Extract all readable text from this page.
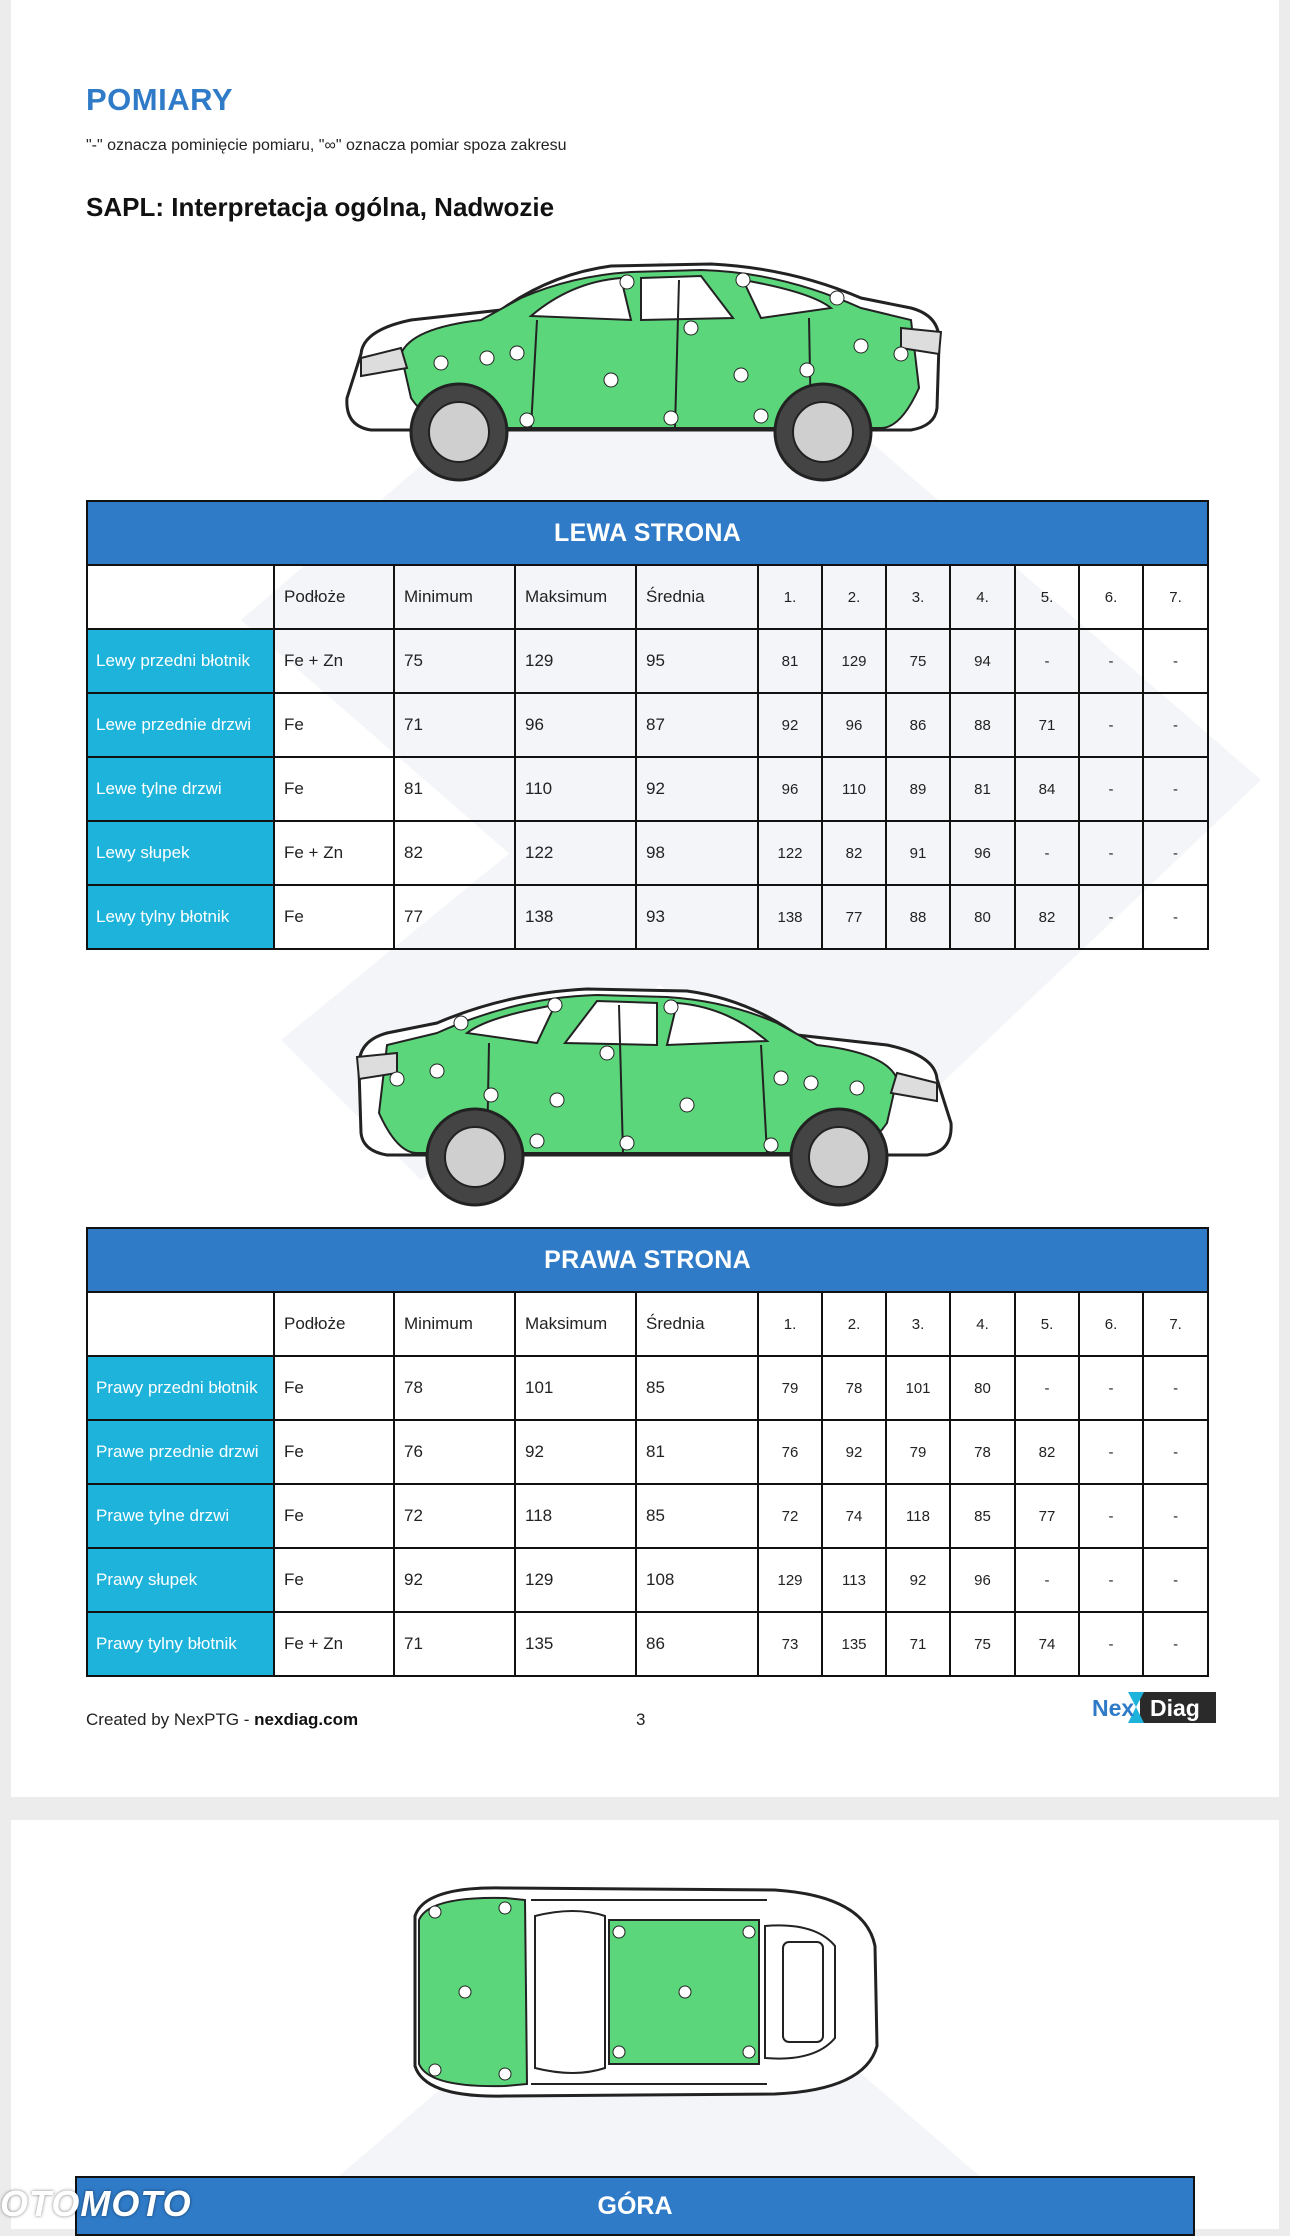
POMIARY
"-" oznacza pominięcie pomiaru, "∞" oznacza pomiar spoza zakresu
SAPL: Interpretacja ogólna, Nadwozie
LEWA STRONA											
	Podłoże	Minimum	Maksimum	Średnia	1.	2.	3.	4.	5.	6.	7.
Lewy przedni błotnik	Fe + Zn	75	129	95	81	129	75	94	-	-	-
Lewe przednie drzwi	Fe	71	96	87	92	96	86	88	71	-	-
Lewe tylne drzwi	Fe	81	110	92	96	110	89	81	84	-	-
Lewy słupek	Fe + Zn	82	122	98	122	82	91	96	-	-	-
Lewy tylny błotnik	Fe	77	138	93	138	77	88	80	82	-	-
PRAWA STRONA											
	Podłoże	Minimum	Maksimum	Średnia	1.	2.	3.	4.	5.	6.	7.
Prawy przedni błotnik	Fe	78	101	85	79	78	101	80	-	-	-
Prawe przednie drzwi	Fe	76	92	81	76	92	79	78	82	-	-
Prawe tylne drzwi	Fe	72	118	85	72	74	118	85	77	-	-
Prawy słupek	Fe	92	129	108	129	113	92	96	-	-	-
Prawy tylny błotnik	Fe + Zn	71	135	86	73	135	71	75	74	-	-
Created by NexPTG - nexdiag.com	3	Nex Diag
GÓRA
OTOMOTO
